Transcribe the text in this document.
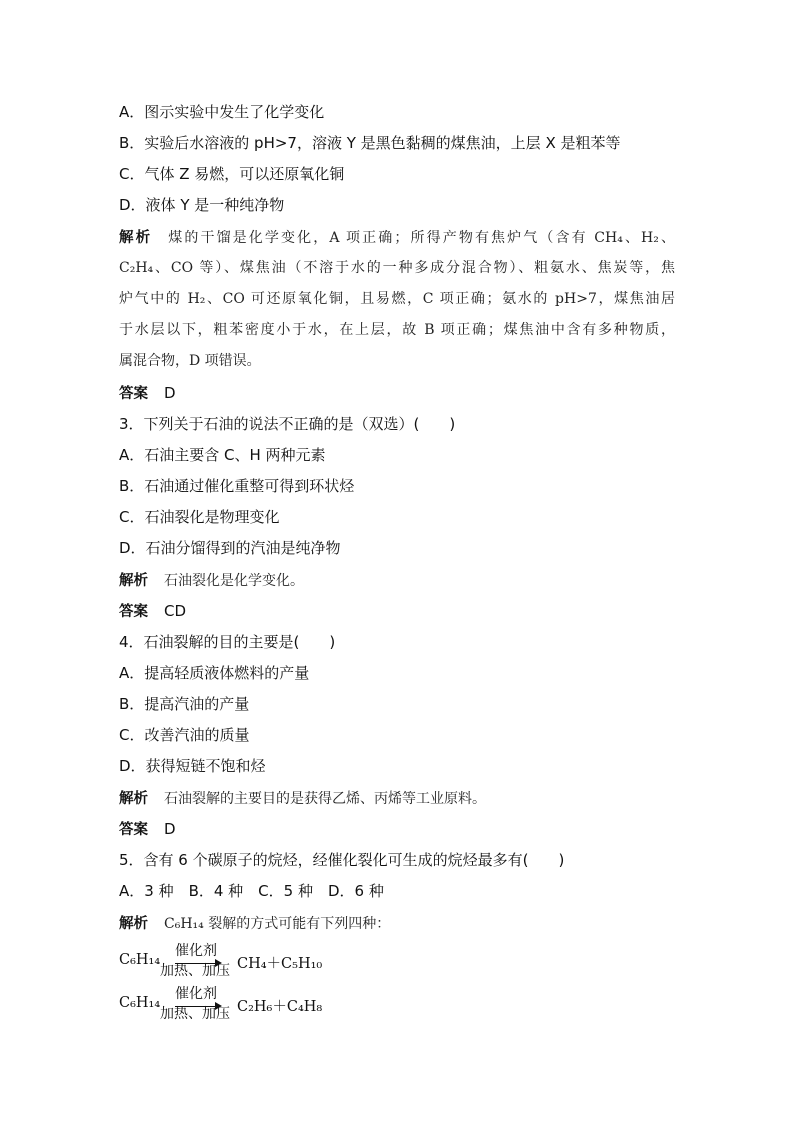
A．图示实验中发生了化学变化
B．实验后水溶液的 pH>7，溶液 Y 是黑色黏稠的煤焦油，上层 X 是粗苯等
C．气体 Z 易燃，可以还原氧化铜
D．液体 Y 是一种纯净物
解析 煤的干馏是化学变化，A 项正确；所得产物有焦炉气（含有 CH₄、H₂、
C₂H₄、CO 等）、煤焦油（不溶于水的一种多成分混合物）、粗氨水、焦炭等，焦
炉气中的 H₂、CO 可还原氧化铜，且易燃，C 项正确；氨水的 pH>7，煤焦油居
于水层以下，粗苯密度小于水，在上层，故 B 项正确；煤焦油中含有多种物质，
属混合物，D 项错误。
答案 D
3．下列关于石油的说法不正确的是（双选）(　　)
A．石油主要含 C、H 两种元素
B．石油通过催化重整可得到环状烃
C．石油裂化是物理变化
D．石油分馏得到的汽油是纯净物
解析 石油裂化是化学变化。
答案 CD
4．石油裂解的目的主要是(　　)
A．提高轻质液体燃料的产量
B．提高汽油的产量
C．改善汽油的质量
D．获得短链不饱和烃
解析 石油裂解的主要目的是获得乙烯、丙烯等工业原料。
答案 D
5．含有 6 个碳原子的烷烃，经催化裂化可生成的烷烃最多有(　　)
A．3 种　B．4 种　C．5 种　D．6 种
解析 C₆H₁₄ 裂解的方式可能有下列四种：
C₆H₁₄
催化剂
加热、加压 CH₄＋C₅H₁₀
C₆H₁₄
催化剂
加热、加压 C₂H₆＋C₄H₈
